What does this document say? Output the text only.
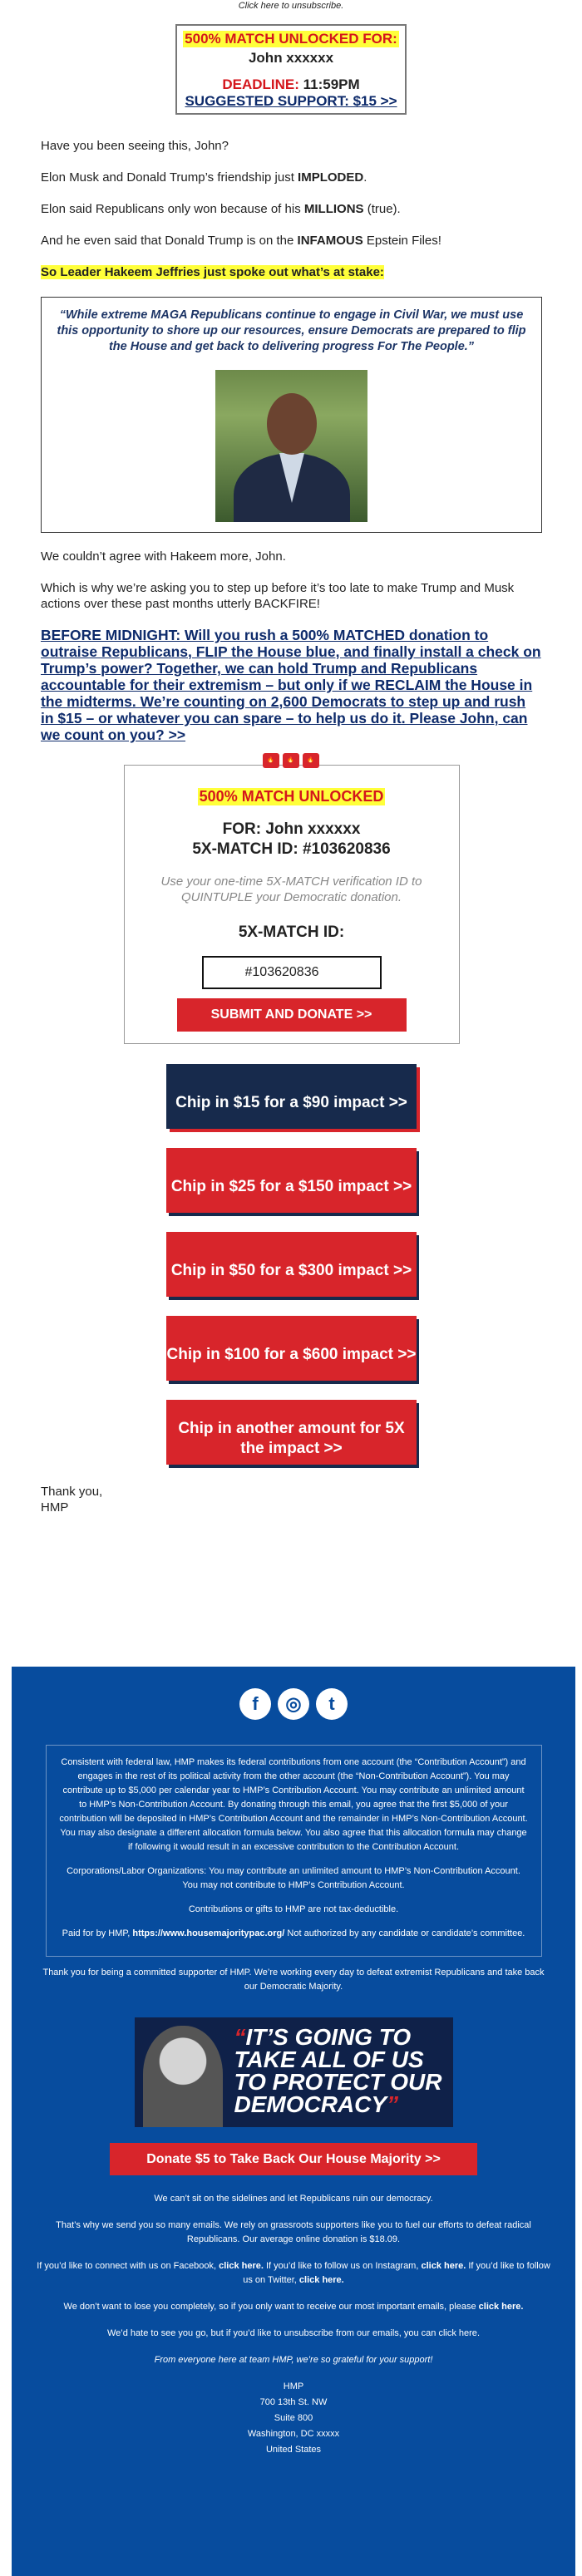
Click here to unsubscribe.
500% MATCH UNLOCKED FOR:
John xxxxxx
DEADLINE: 11:59PM
SUGGESTED SUPPORT: $15 >>
Have you been seeing this, John?
Elon Musk and Donald Trump’s friendship just IMPLODED.
Elon said Republicans only won because of his MILLIONS (true).
And he even said that Donald Trump is on the INFAMOUS Epstein Files!
So Leader Hakeem Jeffries just spoke out what’s at stake:
“While extreme MAGA Republicans continue to engage in Civil War, we must use this opportunity to shore up our resources, ensure Democrats are prepared to flip the House and get back to delivering progress For The People.”
We couldn’t agree with Hakeem more, John.
Which is why we’re asking you to step up before it’s too late to make Trump and Musk actions over these past months utterly BACKFIRE!
BEFORE MIDNIGHT: Will you rush a 500% MATCHED donation to outraise Republicans, FLIP the House blue, and finally install a check on Trump’s power? Together, we can hold Trump and Republicans accountable for their extremism – but only if we RECLAIM the House in the midterms. We’re counting on 2,600 Democrats to step up and rush in $15 – or whatever you can spare – to help us do it. Please John, can we count on you? >>
🔥	🔥	🔥
500% MATCH UNLOCKED
FOR: John xxxxxx
5X-MATCH ID: #103620836
Use your one-time 5X-MATCH verification ID to QUINTUPLE your Democratic donation.
5X-MATCH ID:
#103620836
SUBMIT AND DONATE >>
Chip in $15 for a $90 impact >>
Chip in $25 for a $150 impact >>
Chip in $50 for a $300 impact >>
Chip in $100 for a $600 impact >>
Chip in another amount for 5X the impact >>
Thank you,
HMP
f	◎	t

Consistent with federal law, HMP makes its federal contributions from one account (the “Contribution Account”) and engages in the rest of its political activity from the other account (the “Non-Contribution Account”). You may contribute up to $5,000 per calendar year to HMP’s Contribution Account. You may contribute an unlimited amount to HMP’s Non-Contribution Account. By donating through this email, you agree that the first $5,000 of your contribution will be deposited in HMP’s Contribution Account and the remainder in HMP’s Non-Contribution Account. You may also designate a different allocation formula below. You also agree that this allocation formula may change if following it would result in an excessive contribution to the Contribution Account.

Corporations/Labor Organizations: You may contribute an unlimited amount to HMP’s Non-Contribution Account. You may not contribute to HMP’s Contribution Account.

Contributions or gifts to HMP are not tax-deductible.

Paid for by HMP, https://www.housemajoritypac.org/ Not authorized by any candidate or candidate’s committee.

Thank you for being a committed supporter of HMP. We’re working every day to defeat extremist Republicans and take back our Democratic Majority.
“IT’S GOING TO TAKE ALL OF US TO PROTECT OUR DEMOCRACY”
Donate $5 to Take Back Our House Majority >>
We can’t sit on the sidelines and let Republicans ruin our democracy.
That’s why we send you so many emails. We rely on grassroots supporters like you to fuel our efforts to defeat radical Republicans. Our average online donation is $18.09.
If you’d like to connect with us on Facebook, click here. If you’d like to follow us on Instagram, click here. If you’d like to follow us on Twitter, click here.
We don’t want to lose you completely, so if you only want to receive our most important emails, please click here.
We’d hate to see you go, but if you’d like to unsubscribe from our emails, you can click here.
From everyone here at team HMP, we’re so grateful for your support!
HMP
700 13th St. NW
Suite 800
Washington, DC xxxxx
United States
